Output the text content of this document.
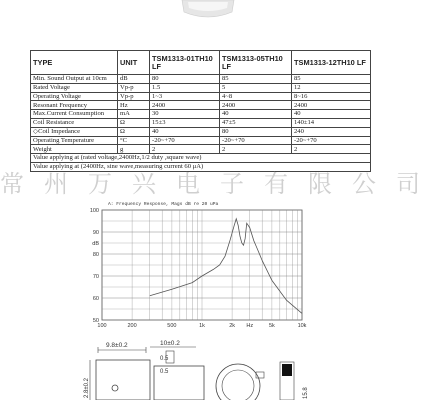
TYPE	UNIT	TSM1313-01TH10 LF	TSM1313-05TH10 LF	TSM1313-12TH10 LF
Min. Sound Output at 10cm	dB	80	85	85
Rated Voltage	Vp-p	1.5	5	12
Operating Voltage	Vp-p	1~3	4~8	8~16
Resonant Frequency	Hz	2400	2400	2400
Max.Current Consumption	mA	30	40	40
Coil Resistance	Ω	15±3	47±5	140±14
◇Coil Impedance	Ω	40	80	240
Operating Temperature	°C	-20~+70	-20~+70	-20~+70
Weight	g	2	2	2
Value applying at (rated voltage,2400Hz,1/2 duty ,square wave)				
Value applying at (2400Hz, sine wave,measuring current 60 μA)				
常州万兴电子有限公司
A: Frequency Response, Mags dB re 20 uPa
100
90
dB
80
70
60
50
100	200	500	1k	2k Hz	5k	10k
9.8±0.2
2.8±0.2
10±0.2
0.5
0.5
15.8
